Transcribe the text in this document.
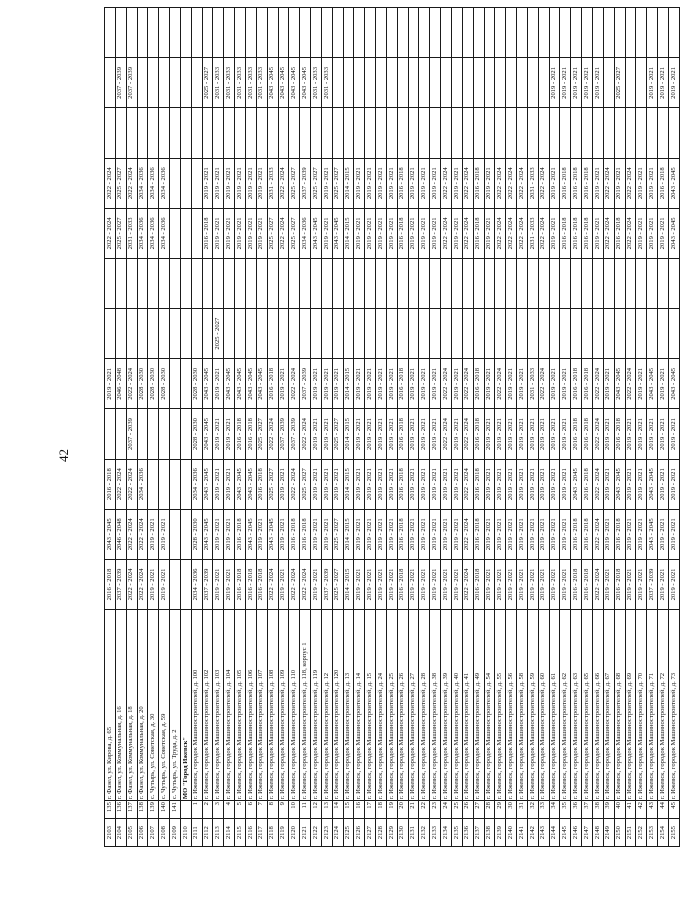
42
2103	135	г. Фазел, ул. Кирова, д. 65	2016 - 2018	2043 - 2045	2016 - 2018		2019 - 2021			2022 - 2024	2022 - 2024			
2104	136	г. Фазел, ул. Коммунальная, д. 16	2037 - 2039	2046 - 2048	2022 - 2024		2046 - 2048			2025 - 2027	2025 - 2027		2037 - 2039	
2105	137	г. Фазел, ул. Коммунальная, д. 18	2022 - 2024	2022 - 2024	2022 - 2024	2037 - 2039	2022 - 2024			2031 - 2033	2022 - 2024		2037 - 2039	
2106	138	г. Фазел, ул. Коммунальная, д. 20	2022 - 2024	2022 - 2024	2034 - 2036		2028 - 2030			2034 - 2036	2034 - 2036			
2107	139	с. Чутырь, ул. Советская, д. 30	2019 - 2021	2019 - 2021			2028 - 2030			2034 - 2036	2034 - 2036			
2108	140	с. Чутырь, ул. Советская, д. 59	2019 - 2021	2019 - 2021			2028 - 2030			2034 - 2036	2034 - 2036			
2109	141	с. Чутырь, ул. Труда, д. 2												
2110		МО "Город Ижевск"												
2111	1	г. Ижевск, городок Машиностроителей, д. 100	2034 - 2036	2028 - 2030	2034 - 2036	2028 - 2030	2028 - 2030							
2112	2	г. Ижевск, городок Машиностроителей, д. 102	2037 - 2039	2043 - 2045	2043 - 2045	2043 - 2045	2043 - 2045			2016 - 2018	2019 - 2021		2025 - 2027	
2113	3	г. Ижевск, городок Машиностроителей, д. 103	2019 - 2021	2019 - 2021	2019 - 2021	2019 - 2021	2019 - 2021	2025 - 2027		2019 - 2021	2019 - 2021		2031 - 2033	
2114	4	г. Ижевск, городок Машиностроителей, д. 104	2019 - 2021	2019 - 2021	2019 - 2021	2019 - 2021	2043 - 2045			2019 - 2021	2019 - 2021		2031 - 2033	
2115	5	г. Ижевск, городок Машиностроителей, д. 105	2016 - 2018	2016 - 2018	2043 - 2045	2016 - 2018	2043 - 2045			2019 - 2021	2019 - 2021		2031 - 2033	
2116	6	г. Ижевск, городок Машиностроителей, д. 106	2016 - 2018	2043 - 2045	2043 - 2045	2016 - 2018	2043 - 2045			2019 - 2021	2019 - 2021		2031 - 2033	
2117	7	г. Ижевск, городок Машиностроителей, д. 107	2016 - 2018	2019 - 2021	2016 - 2018	2025 - 2027	2043 - 2045			2019 - 2021	2019 - 2021		2031 - 2033	
2118	8	г. Ижевск, городок Машиностроителей, д. 108	2022 - 2024	2043 - 2045	2025 - 2027	2022 - 2024	2016 - 2018			2025 - 2027	2031 - 2033		2043 - 2045	
2119	9	г. Ижевск, городок Машиностроителей, д. 109	2019 - 2021	2019 - 2021	2019 - 2021	2037 - 2039	2019 - 2021			2022 - 2024	2022 - 2024		2043 - 2045	
2120	10	г. Ижевск, городок Машиностроителей, д. 110	2022 - 2024	2016 - 2018	2022 - 2024	2037 - 2039	2022 - 2024			2025 - 2027	2025 - 2027		2043 - 2045	
2121	11	г. Ижевск, городок Машиностроителей, д. 118, корпус 1	2022 - 2024	2016 - 2018	2025 - 2027	2022 - 2024	2037 - 2039			2034 - 2036	2037 - 2039		2043 - 2045	
2122	12	г. Ижевск, городок Машиностроителей, д. 119	2019 - 2021	2019 - 2021	2019 - 2021	2019 - 2021	2019 - 2021			2043 - 2045	2025 - 2027		2031 - 2033	
2123	13	г. Ижевск, городок Машиностроителей, д. 12	2037 - 2039	2019 - 2021	2019 - 2021	2019 - 2021	2019 - 2021			2019 - 2021	2019 - 2021		2031 - 2033	
2124	14	г. Ижевск, городок Машиностроителей, д. 120	2025 - 2027	2025 - 2027	2019 - 2021	2025 - 2027	2019 - 2021			2043 - 2045	2025 - 2027			
2125	15	г. Ижевск, городок Машиностроителей, д. 13	2014 - 2015	2014 - 2015	2014 - 2015	2014 - 2015	2014 - 2015			2014 - 2015	2014 - 2015			
2126	16	г. Ижевск, городок Машиностроителей, д. 14	2019 - 2021	2019 - 2021	2019 - 2021	2019 - 2021	2019 - 2021			2019 - 2021	2019 - 2021			
2127	17	г. Ижевск, городок Машиностроителей, д. 15	2019 - 2021	2019 - 2021	2019 - 2021	2019 - 2021	2019 - 2021			2019 - 2021	2019 - 2021			
2128	18	г. Ижевск, городок Машиностроителей, д. 24	2019 - 2021	2019 - 2021	2019 - 2021	2019 - 2021	2019 - 2021			2019 - 2021	2019 - 2021			
2129	19	г. Ижевск, городок Машиностроителей, д. 25	2019 - 2021	2019 - 2021	2019 - 2021	2019 - 2021	2019 - 2021			2019 - 2021	2019 - 2021			
2130	20	г. Ижевск, городок Машиностроителей, д. 26	2016 - 2018	2016 - 2018	2016 - 2018	2016 - 2018	2016 - 2018			2016 - 2018	2016 - 2018			
2131	21	г. Ижевск, городок Машиностроителей, д. 27	2019 - 2021	2019 - 2021	2019 - 2021	2019 - 2021	2019 - 2021			2019 - 2021	2019 - 2021			
2132	22	г. Ижевск, городок Машиностроителей, д. 28	2019 - 2021	2019 - 2021	2019 - 2021	2019 - 2021	2019 - 2021			2019 - 2021	2019 - 2021			
2133	23	г. Ижевск, городок Машиностроителей, д. 38	2019 - 2021	2019 - 2021	2019 - 2021	2019 - 2021	2019 - 2021			2019 - 2021	2019 - 2021			
2134	24	г. Ижевск, городок Машиностроителей, д. 39	2019 - 2021	2019 - 2021	2019 - 2021	2022 - 2024	2022 - 2024			2022 - 2024	2022 - 2024			
2135	25	г. Ижевск, городок Машиностроителей, д. 40	2019 - 2021	2019 - 2021	2019 - 2021	2019 - 2021	2019 - 2021			2019 - 2021	2019 - 2021			
2136	26	г. Ижевск, городок Машиностроителей, д. 41	2022 - 2024	2022 - 2024	2022 - 2024	2022 - 2024	2022 - 2024			2022 - 2024	2022 - 2024			
2137	27	г. Ижевск, городок Машиностроителей, д. 49	2016 - 2018	2016 - 2018	2016 - 2018	2016 - 2018	2016 - 2018			2016 - 2018	2016 - 2018			
2138	28	г. Ижевск, городок Машиностроителей, д. 54	2019 - 2021	2019 - 2021	2019 - 2021	2019 - 2021	2019 - 2021			2019 - 2021	2019 - 2021			
2139	29	г. Ижевск, городок Машиностроителей, д. 55	2019 - 2021	2019 - 2021	2019 - 2021	2019 - 2021	2022 - 2024			2022 - 2024	2022 - 2024			
2140	30	г. Ижевск, городок Машиностроителей, д. 56	2019 - 2021	2019 - 2021	2019 - 2021	2019 - 2021	2019 - 2021			2022 - 2024	2022 - 2024			
2141	31	г. Ижевск, городок Машиностроителей, д. 58	2019 - 2021	2019 - 2021	2019 - 2021	2019 - 2021	2019 - 2021			2022 - 2024	2022 - 2024			
2142	32	г. Ижевск, городок Машиностроителей, д. 59	2019 - 2021	2019 - 2021	2019 - 2021	2019 - 2021	2031 - 2033			2031 - 2033	2031 - 2033			
2143	33	г. Ижевск, городок Машиностроителей, д. 60	2019 - 2021	2019 - 2021	2019 - 2021	2019 - 2021	2022 - 2024			2022 - 2024	2022 - 2024			
2144	34	г. Ижевск, городок Машиностроителей, д. 61	2019 - 2021	2019 - 2021	2019 - 2021	2019 - 2021	2019 - 2021			2019 - 2021	2019 - 2021		2019 - 2021	
2145	35	г. Ижевск, городок Машиностроителей, д. 62	2019 - 2021	2019 - 2021	2019 - 2021	2019 - 2021	2019 - 2021			2016 - 2018	2016 - 2018		2019 - 2021	
2146	36	г. Ижевск, городок Машиностроителей, д. 63	2016 - 2018	2016 - 2018	2043 - 2045	2016 - 2018	2016 - 2018			2016 - 2018	2016 - 2018		2019 - 2021	
2147	37	г. Ижевск, городок Машиностроителей, д. 65	2016 - 2018	2016 - 2018	2016 - 2018	2016 - 2018	2016 - 2018			2016 - 2018	2016 - 2018		2019 - 2021	
2148	38	г. Ижевск, городок Машиностроителей, д. 66	2022 - 2024	2022 - 2024	2022 - 2024	2022 - 2024	2022 - 2024			2019 - 2021	2019 - 2021		2019 - 2021	
2149	39	г. Ижевск, городок Машиностроителей, д. 67	2019 - 2021	2019 - 2021	2019 - 2021	2019 - 2021	2019 - 2021			2022 - 2024	2022 - 2024			
2150	40	г. Ижевск, городок Машиностроителей, д. 68	2016 - 2018	2016 - 2018	2043 - 2045	2016 - 2018	2043 - 2045			2016 - 2018	2019 - 2021		2025 - 2027	
2151	41	г. Ижевск, городок Машиностроителей, д. 69	2019 - 2021	2019 - 2021	2019 - 2021	2019 - 2021	2022 - 2024			2022 - 2024	2022 - 2024			
2152	42	г. Ижевск, городок Машиностроителей, д. 70	2019 - 2021	2019 - 2021	2019 - 2021	2019 - 2021	2019 - 2021			2019 - 2021	2019 - 2021			
2153	43	г. Ижевск, городок Машиностроителей, д. 71	2037 - 2039	2043 - 2045	2043 - 2045	2019 - 2021	2043 - 2045			2019 - 2021	2019 - 2021		2019 - 2021	
2154	44	г. Ижевск, городок Машиностроителей, д. 72	2019 - 2021	2019 - 2021	2019 - 2021	2019 - 2021	2019 - 2021			2019 - 2021	2016 - 2018		2019 - 2021	
2155	45	г. Ижевск, городок Машиностроителей, д. 73	2019 - 2021	2019 - 2021	2019 - 2021	2019 - 2021	2043 - 2045			2043 - 2045	2043 - 2045		2019 - 2021	
